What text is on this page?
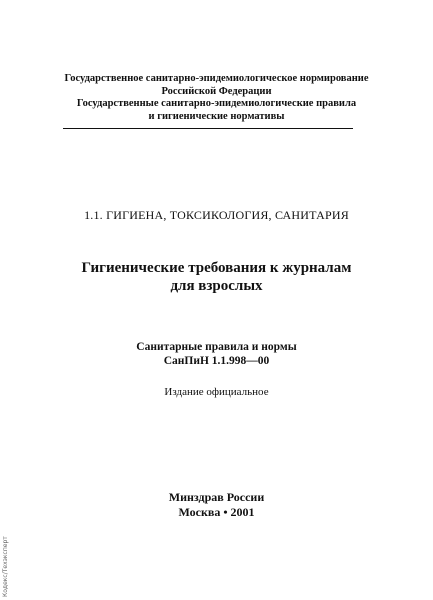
Государственное санитарно-эпидемиологическое нормирование
Российской Федерации
Государственные санитарно-эпидемиологические правила
и гигиенические нормативы
1.1. ГИГИЕНА, ТОКСИКОЛОГИЯ, САНИТАРИЯ
Гигиенические требования к журналам
для взрослых
Санитарные правила и нормы
СанПиН 1.1.998—00
Издание официальное
Минздрав России
Москва • 2001
Кодекс/Техэксперт
